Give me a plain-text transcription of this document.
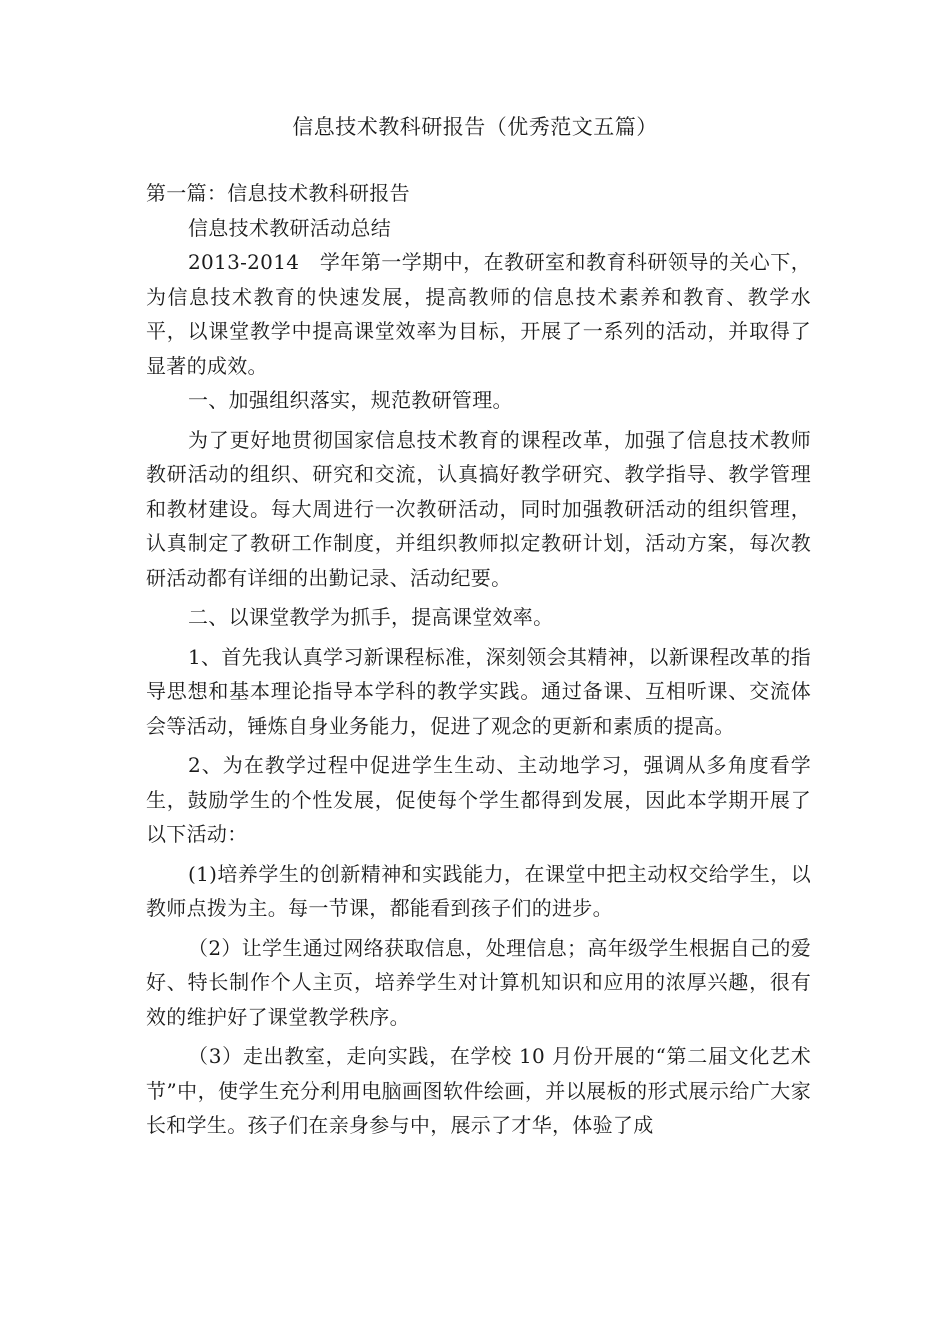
信息技术教科研报告（优秀范文五篇）

第一篇：信息技术教科研报告

信息技术教研活动总结

2013-2014　学年第一学期中，在教研室和教育科研领导的关心下，为信息技术教育的快速发展，提高教师的信息技术素养和教育、教学水平，以课堂教学中提高课堂效率为目标，开展了一系列的活动，并取得了显著的成效。

一、加强组织落实，规范教研管理。

为了更好地贯彻国家信息技术教育的课程改革，加强了信息技术教师教研活动的组织、研究和交流，认真搞好教学研究、教学指导、教学管理和教材建设。每大周进行一次教研活动，同时加强教研活动的组织管理，认真制定了教研工作制度，并组织教师拟定教研计划，活动方案，每次教研活动都有详细的出勤记录、活动纪要。

二、以课堂教学为抓手，提高课堂效率。

1、首先我认真学习新课程标准，深刻领会其精神，以新课程改革的指导思想和基本理论指导本学科的教学实践。通过备课、互相听课、交流体会等活动，锤炼自身业务能力，促进了观念的更新和素质的提高。

2、为在教学过程中促进学生生动、主动地学习，强调从多角度看学生，鼓励学生的个性发展，促使每个学生都得到发展，因此本学期开展了以下活动：

(1)培养学生的创新精神和实践能力，在课堂中把主动权交给学生，以教师点拨为主。每一节课，都能看到孩子们的进步。

（2）让学生通过网络获取信息，处理信息；高年级学生根据自己的爱好、特长制作个人主页，培养学生对计算机知识和应用的浓厚兴趣，很有效的维护好了课堂教学秩序。

（3）走出教室，走向实践，在学校 10 月份开展的“第二届文化艺术节”中，使学生充分利用电脑画图软件绘画，并以展板的形式展示给广大家长和学生。孩子们在亲身参与中，展示了才华，体验了成
